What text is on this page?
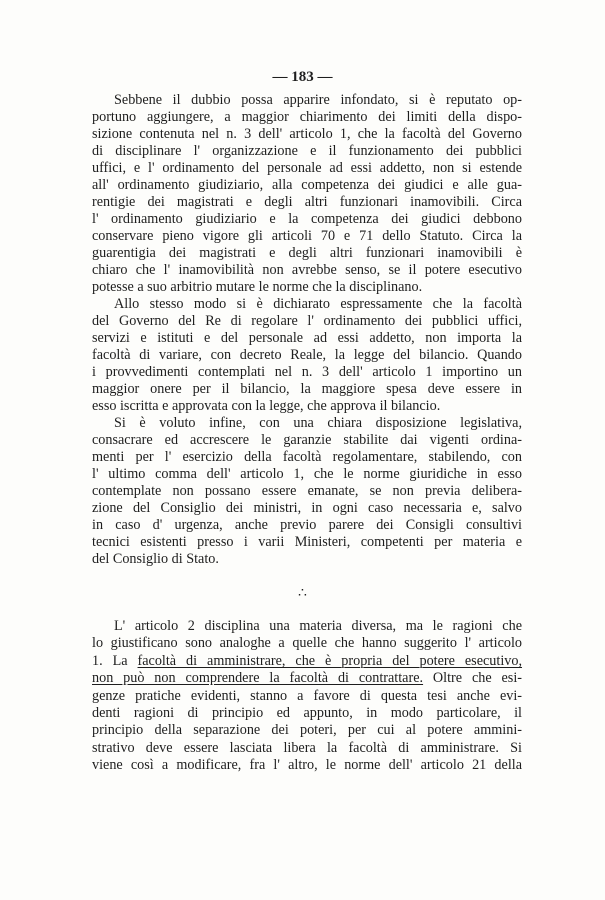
— 183 —
Sebbene il dubbio possa apparire infondato, si è reputato op-
portuno aggiungere, a maggior chiarimento dei limiti della dispo-
sizione contenuta nel n. 3 dell' articolo 1, che la facoltà del Governo
di disciplinare l' organizzazione e il funzionamento dei pubblici
uffici, e l' ordinamento del personale ad essi addetto, non si estende
all' ordinamento giudiziario, alla competenza dei giudici e alle gua-
rentigie dei magistrati e degli altri funzionari inamovibili. Circa
l' ordinamento giudiziario e la competenza dei giudici debbono
conservare pieno vigore gli articoli 70 e 71 dello Statuto. Circa la
guarentigia dei magistrati e degli altri funzionari inamovibili è
chiaro che l' inamovibilità non avrebbe senso, se il potere esecutivo
potesse a suo arbitrio mutare le norme che la disciplinano.
Allo stesso modo si è dichiarato espressamente che la facoltà
del Governo del Re di regolare l' ordinamento dei pubblici uffici,
servizi e istituti e del personale ad essi addetto, non importa la
facoltà di variare, con decreto Reale, la legge del bilancio. Quando
i provvedimenti contemplati nel n. 3 dell' articolo 1 importino un
maggior onere per il bilancio, la maggiore spesa deve essere in
esso iscritta e approvata con la legge, che approva il bilancio.
Si è voluto infine, con una chiara disposizione legislativa,
consacrare ed accrescere le garanzie stabilite dai vigenti ordina-
menti per l' esercizio della facoltà regolamentare, stabilendo, con
l' ultimo comma dell' articolo 1, che le norme giuridiche in esso
contemplate non possano essere emanate, se non previa delibera-
zione del Consiglio dei ministri, in ogni caso necessaria e, salvo
in caso d' urgenza, anche previo parere dei Consigli consultivi
tecnici esistenti presso i varii Ministeri, competenti per materia e
del Consiglio di Stato.
∴
L' articolo 2 disciplina una materia diversa, ma le ragioni che
lo giustificano sono analoghe a quelle che hanno suggerito l' articolo
1. La facoltà di amministrare, che è propria del potere esecutivo,
non può non comprendere la facoltà di contrattare. Oltre che esi-
genze pratiche evidenti, stanno a favore di questa tesi anche evi-
denti ragioni di principio ed appunto, in modo particolare, il
principio della separazione dei poteri, per cui al potere ammini-
strativo deve essere lasciata libera la facoltà di amministrare. Si
viene così a modificare, fra l' altro, le norme dell' articolo 21 della
